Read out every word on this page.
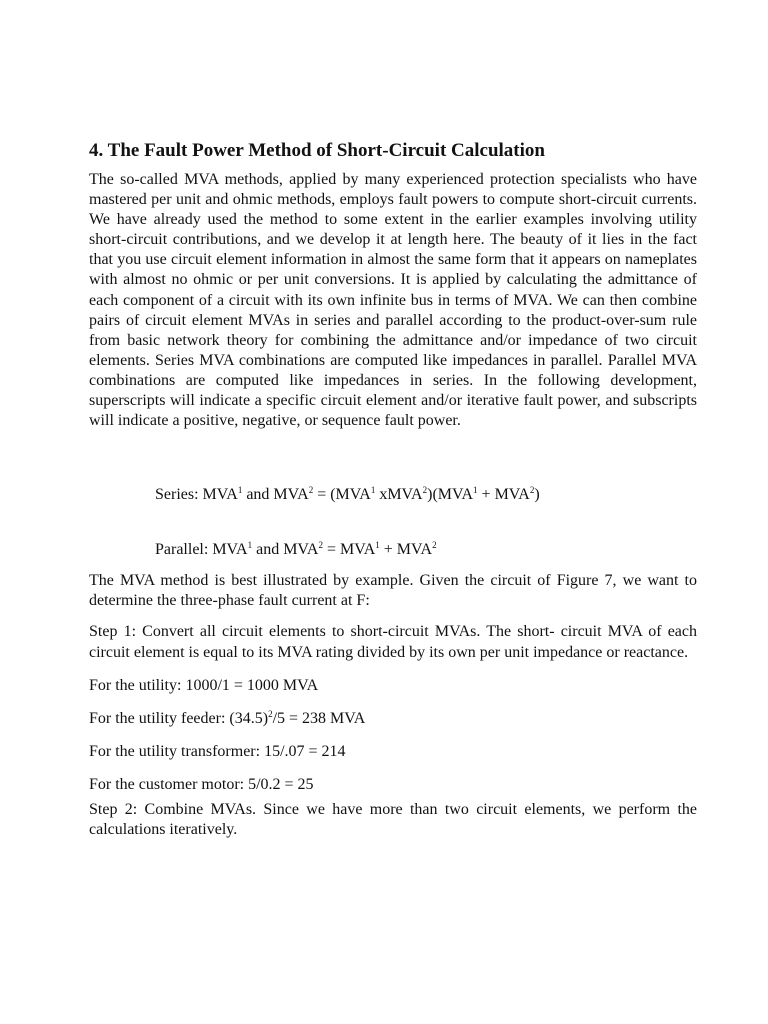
4. The Fault Power Method of Short-Circuit Calculation

The so-called MVA methods, applied by many experienced protection specialists who have mastered per unit and ohmic methods, employs fault powers to compute short-circuit currents. We have already used the method to some extent in the earlier examples involving utility short-circuit contributions, and we develop it at length here. The beauty of it lies in the fact that you use circuit element information in almost the same form that it appears on nameplates with almost no ohmic or per unit conversions. It is applied by calculating the admittance of each component of a circuit with its own infinite bus in terms of MVA. We can then combine pairs of circuit element MVAs in series and parallel according to the product-over-sum rule from basic network theory for combining the admittance and/or impedance of two circuit elements. Series MVA combinations are computed like impedances in parallel. Parallel MVA combinations are computed like impedances in series. In the following development, superscripts will indicate a specific circuit element and/or iterative fault power, and subscripts will indicate a positive, negative, or sequence fault power.

Series: MVA$^1$ and $MVA^2 = (MVA^1$ $xMVA^2)(MVA^1 + MVA^2)$
Parallel: MVA$^1$ and $MVA^2 = MVA^1 + MVA^2$

The MVA method is best illustrated by example. Given the circuit of Figure 7, we want to determine the three-phase fault current at F:

Step 1: Convert all circuit elements to short-circuit MVAs. The short- circuit MVA of each circuit element is equal to its MVA rating divided by its own per unit impedance or reactance.

For the utility: 1000/1 = 1000 MVA

For the utility feeder: $(34.5)^2/5 = 238$ MVA

For the utility transformer: 15/.07 = 214

For the customer motor: 5/0.2 = 25

Step 2: Combine MVAs. Since we have more than two circuit elements, we perform the calculations iteratively.
